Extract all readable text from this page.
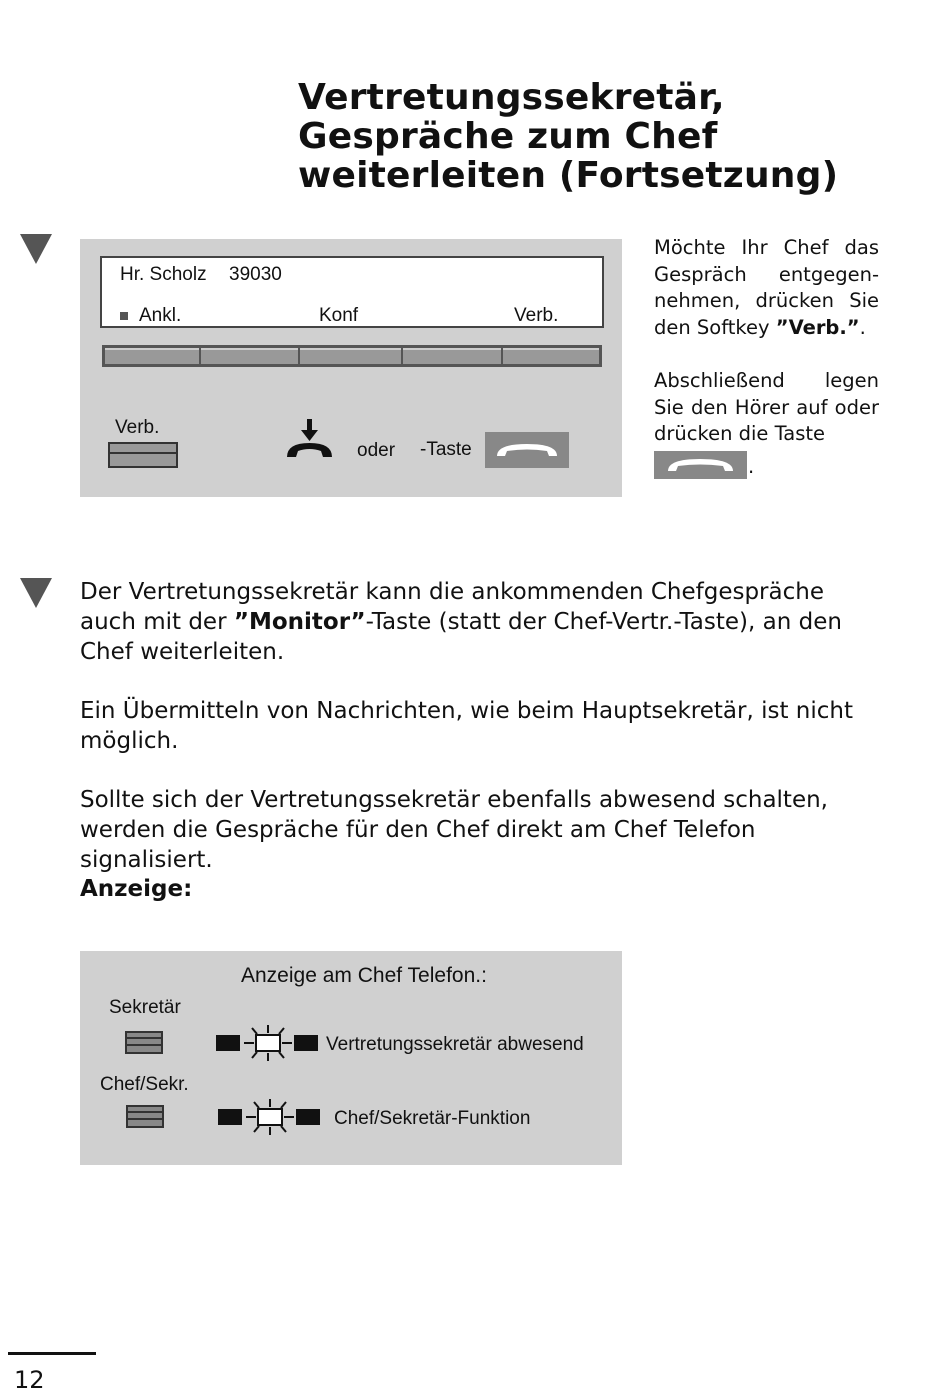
Vertretungssekretär, Gespräche zum Chef weiterleiten (Fortsetzung)
Hr. Scholz 39030
Ankl.	Konf	Verb.
Verb.
oder -Taste

Möchte Ihr Chef das Gespräch entgegennehmen, drücken Sie den Softkey ”Verb.”.

Abschließend legen Sie den Hörer auf oder drücken die Taste

.

Der Vertretungssekretär kann die ankommenden Chefgespräche auch mit der ”Monitor”-Taste (statt der Chef-Vertr.-Taste), an den Chef weiterleiten.

Ein Übermitteln von Nachrichten, wie beim Hauptsekretär, ist nicht möglich.

Sollte sich der Vertretungssekretär ebenfalls abwesend schalten, werden die Gespräche für den Chef direkt am Chef Telefon signalisiert.

Anzeige:

Anzeige am Chef Telefon.:
Sekretär
Vertretungssekretär abwesend
Chef/Sekr.
Chef/Sekretär-Funktion
12
